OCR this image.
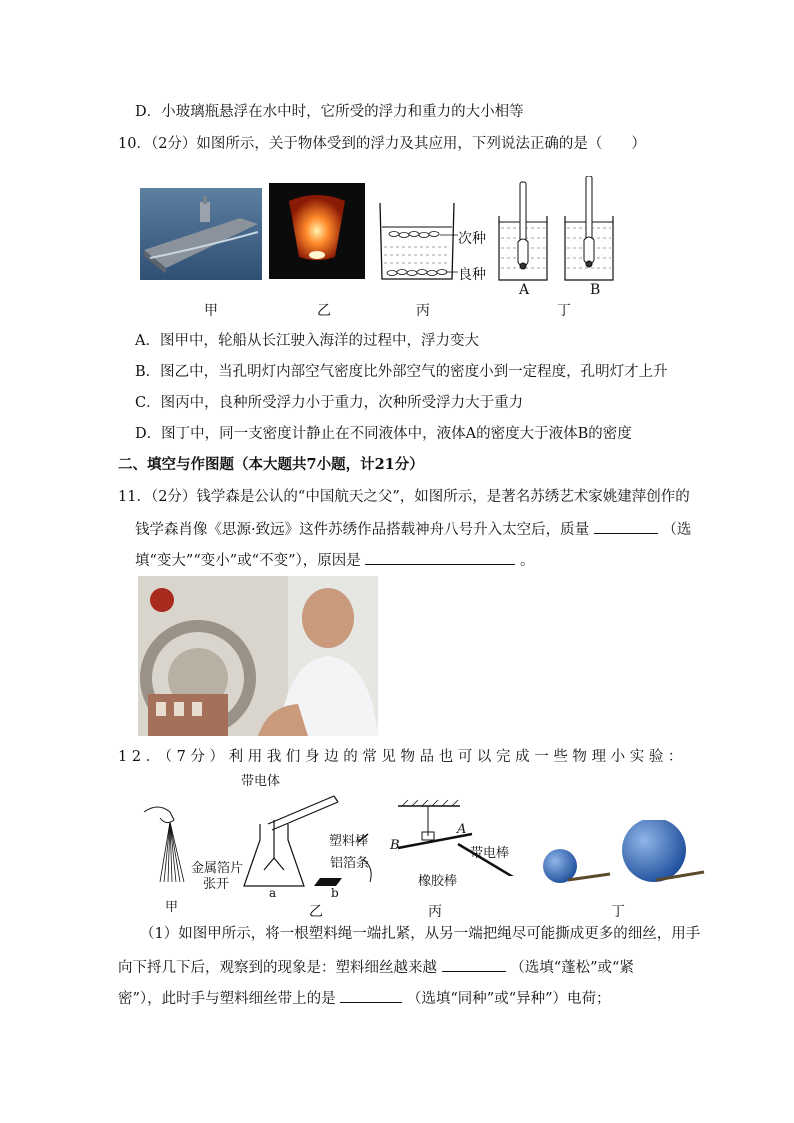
D．小玻璃瓶悬浮在水中时，它所受的浮力和重力的大小相等
10．（2分）如图所示，关于物体受到的浮力及其应用，下列说法正确的是（　　）
次种
良种
A	B
甲	乙	丙	丁
A．图甲中，轮船从长江驶入海洋的过程中，浮力变大
B．图乙中，当孔明灯内部空气密度比外部空气的密度小到一定程度，孔明灯才上升
C．图丙中，良种所受浮力小于重力，次种所受浮力大于重力
D．图丁中，同一支密度计静止在不同液体中，液体A的密度大于液体B的密度
二、填空与作图题（本大题共7小题，计21分）
11．（2分）钱学森是公认的“中国航天之父”，如图所示，是著名苏绣艺术家姚建萍创作的
钱学森肖像《思源·致远》这件苏绣作品搭载神舟八号升入太空后，质量	（选
填“变大”“变小”或“不变”），原因是	。
12．（7分）利用我们身边的常见物品也可以完成一些物理小实验：
带电体
金属箔片
张开
a	b
塑料棒
铝箔条
乙
B
A
带电棒
橡胶棒
丙	丁
甲
（1）如图甲所示，将一根塑料绳一端扎紧，从另一端把绳尽可能撕成更多的细丝，用手
向下捋几下后，观察到的现象是：塑料细丝越来越	（选填“蓬松”或“紧
密”），此时手与塑料细丝带上的是	（选填“同种”或“异种”）电荷；
